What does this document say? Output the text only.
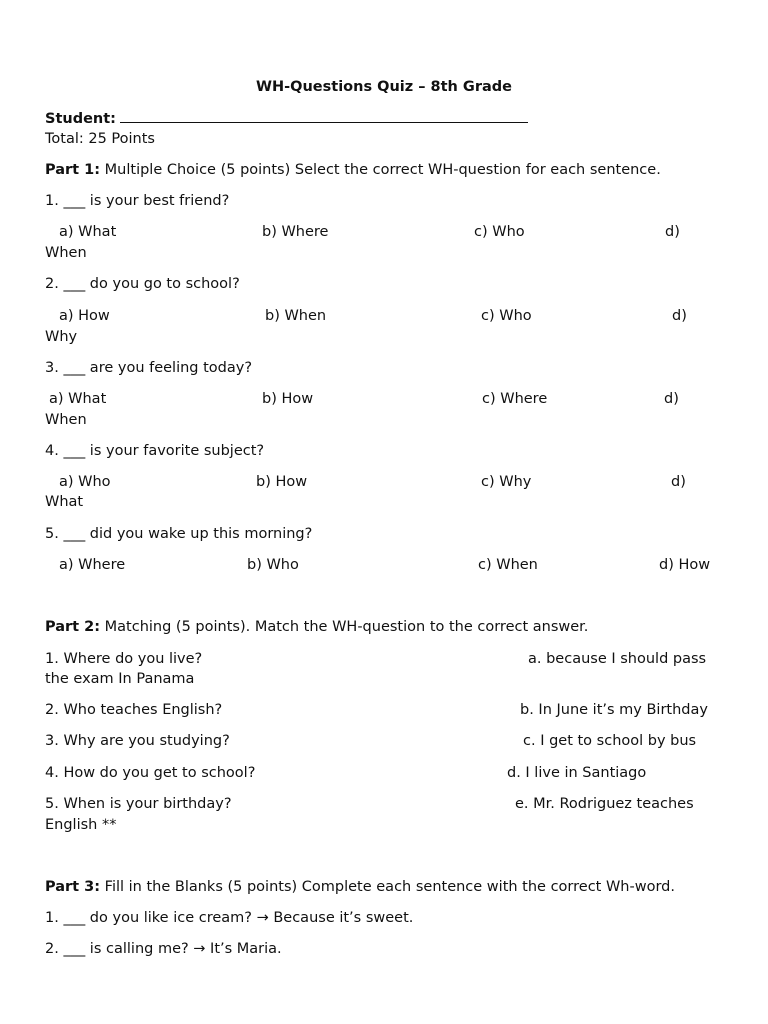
WH-Questions Quiz – 8th Grade
Student:
Total: 25 Points
Part 1: Multiple Choice (5 points) Select the correct WH-question for each sentence.
1. ___ is your best friend?
a) What	b) Where	c) Who	d)
When
2. ___ do you go to school?
a) How	b) When	c) Who	d)
Why
3. ___ are you feeling today?
a) What	b) How	c) Where	d)
When
4. ___ is your favorite subject?
a) Who	b) How	c) Why	d)
What
5. ___ did you wake up this morning?
a) Where	b) Who	c) When	d) How
Part 2: Matching (5 points). Match the WH-question to the correct answer.
1. Where do you live?	a. because I should pass
the exam In Panama
2. Who teaches English?	b. In June it’s my Birthday
3. Why are you studying?	c. I get to school by bus
4. How do you get to school?	d. I live in Santiago
5. When is your birthday?	e. Mr. Rodriguez teaches
English **
Part 3: Fill in the Blanks (5 points) Complete each sentence with the correct Wh-word.
1. ___ do you like ice cream? → Because it’s sweet.
2. ___ is calling me? → It’s Maria.
